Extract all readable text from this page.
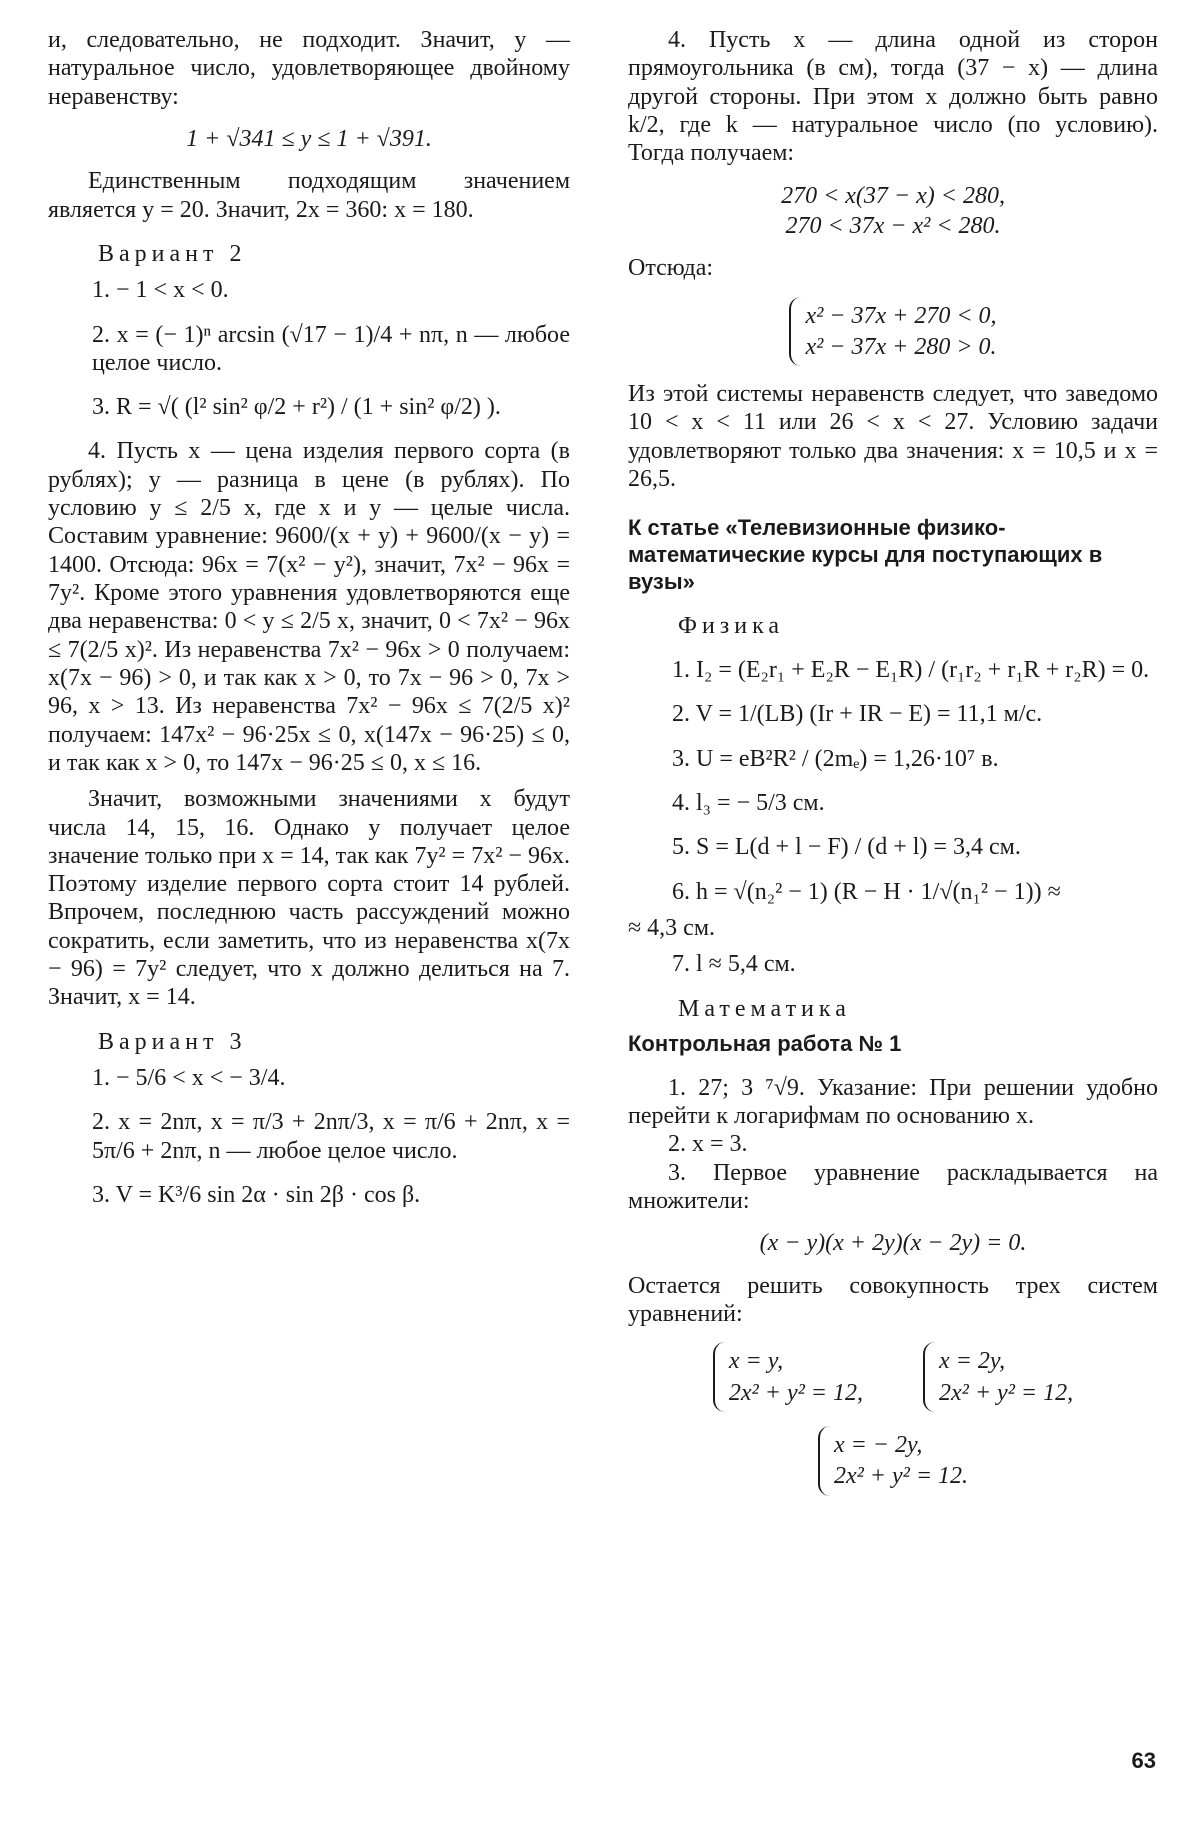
и, следовательно, не подходит. Значит, y — натуральное число, удовлетворяющее двойному неравенству:

1 + √341 ≤ y ≤ 1 + √391.

Единственным подходящим значением является y = 20. Значит, 2x = 360: x = 180.

Вариант 2

1. − 1 < x < 0.

2. x = (− 1)ⁿ arcsin (√17 − 1)/4 + nπ, n — любое целое число.

3. R = √( (l² sin² φ/2 + r²) / (1 + sin² φ/2) ).

4. Пусть x — цена изделия первого сорта (в рублях); y — разница в цене (в рублях). По условию y ≤ 2/5 x, где x и y — целые числа. Составим уравнение: 9600/(x + y) + 9600/(x − y) = 1400. Отсюда: 96x = 7(x² − y²), значит, 7x² − 96x = 7y². Кроме этого уравнения удовлетворяются еще два неравенства: 0 < y ≤ 2/5 x, значит, 0 < 7x² − 96x ≤ 7(2/5 x)². Из неравенства 7x² − 96x > 0 получаем: x(7x − 96) > 0, и так как x > 0, то 7x − 96 > 0, 7x > 96, x > 13. Из неравенства 7x² − 96x ≤ 7(2/5 x)² получаем: 147x² − 96·25x ≤ 0, x(147x − 96·25) ≤ 0, и так как x > 0, то 147x − 96·25 ≤ 0, x ≤ 16.

Значит, возможными значениями x будут числа 14, 15, 16. Однако y получает целое значение только при x = 14, так как 7y² = 7x² − 96x. Поэтому изделие первого сорта стоит 14 рублей. Впрочем, последнюю часть рассуждений можно сократить, если заметить, что из неравенства x(7x − 96) = 7y² следует, что x должно делиться на 7. Значит, x = 14.

Вариант 3

1. − 5/6 < x < − 3/4.

2. x = 2nπ, x = π/3 + 2nπ/3, x = π/6 + 2nπ, x = 5π/6 + 2nπ, n — любое целое число.

3. V = K³/6 sin 2α · sin 2β · cos β.

4. Пусть x — длина одной из сторон прямоугольника (в см), тогда (37 − x) — длина другой стороны. При этом x должно быть равно k/2, где k — натуральное число (по условию). Тогда получаем:

270 < x(37 − x) < 280,

270 < 37x − x² < 280.

Отсюда:

x² − 37x + 270 < 0,
x² − 37x + 280 > 0.

Из этой системы неравенств следует, что заведомо 10 < x < 11 или 26 < x < 27. Условию задачи удовлетворяют только два значения: x = 10,5 и x = 26,5.

К статье «Телевизионные физико-математические курсы для поступающих в вузы»
Физика

1. I₂ = (E₂r₁ + E₂R − E₁R) / (r₁r₂ + r₁R + r₂R) = 0.

2. V = 1/(LB) (Ir + IR − E) = 11,1 м/с.

3. U = eB²R² / (2mₑ) = 1,26·10⁷ в.

4. l₃ = − 5/3 см.

5. S = L(d + l − F) / (d + l) = 3,4 см.

6. h = √(n₂² − 1) (R − H · 1/√(n₁² − 1)) ≈

≈ 4,3 см.

7. l ≈ 5,4 см.

Математика
Контрольная работа № 1

1. 27; 3 ⁷√9. Указание: При решении удобно перейти к логарифмам по основанию x.

2. x = 3.

3. Первое уравнение раскладывается на множители:

(x − y)(x + 2y)(x − 2y) = 0.

Остается решить совокупность трех систем уравнений:

x = y,
2x² + y² = 12,
x = 2y,
2x² + y² = 12,
x = − 2y,
2x² + y² = 12.
63
